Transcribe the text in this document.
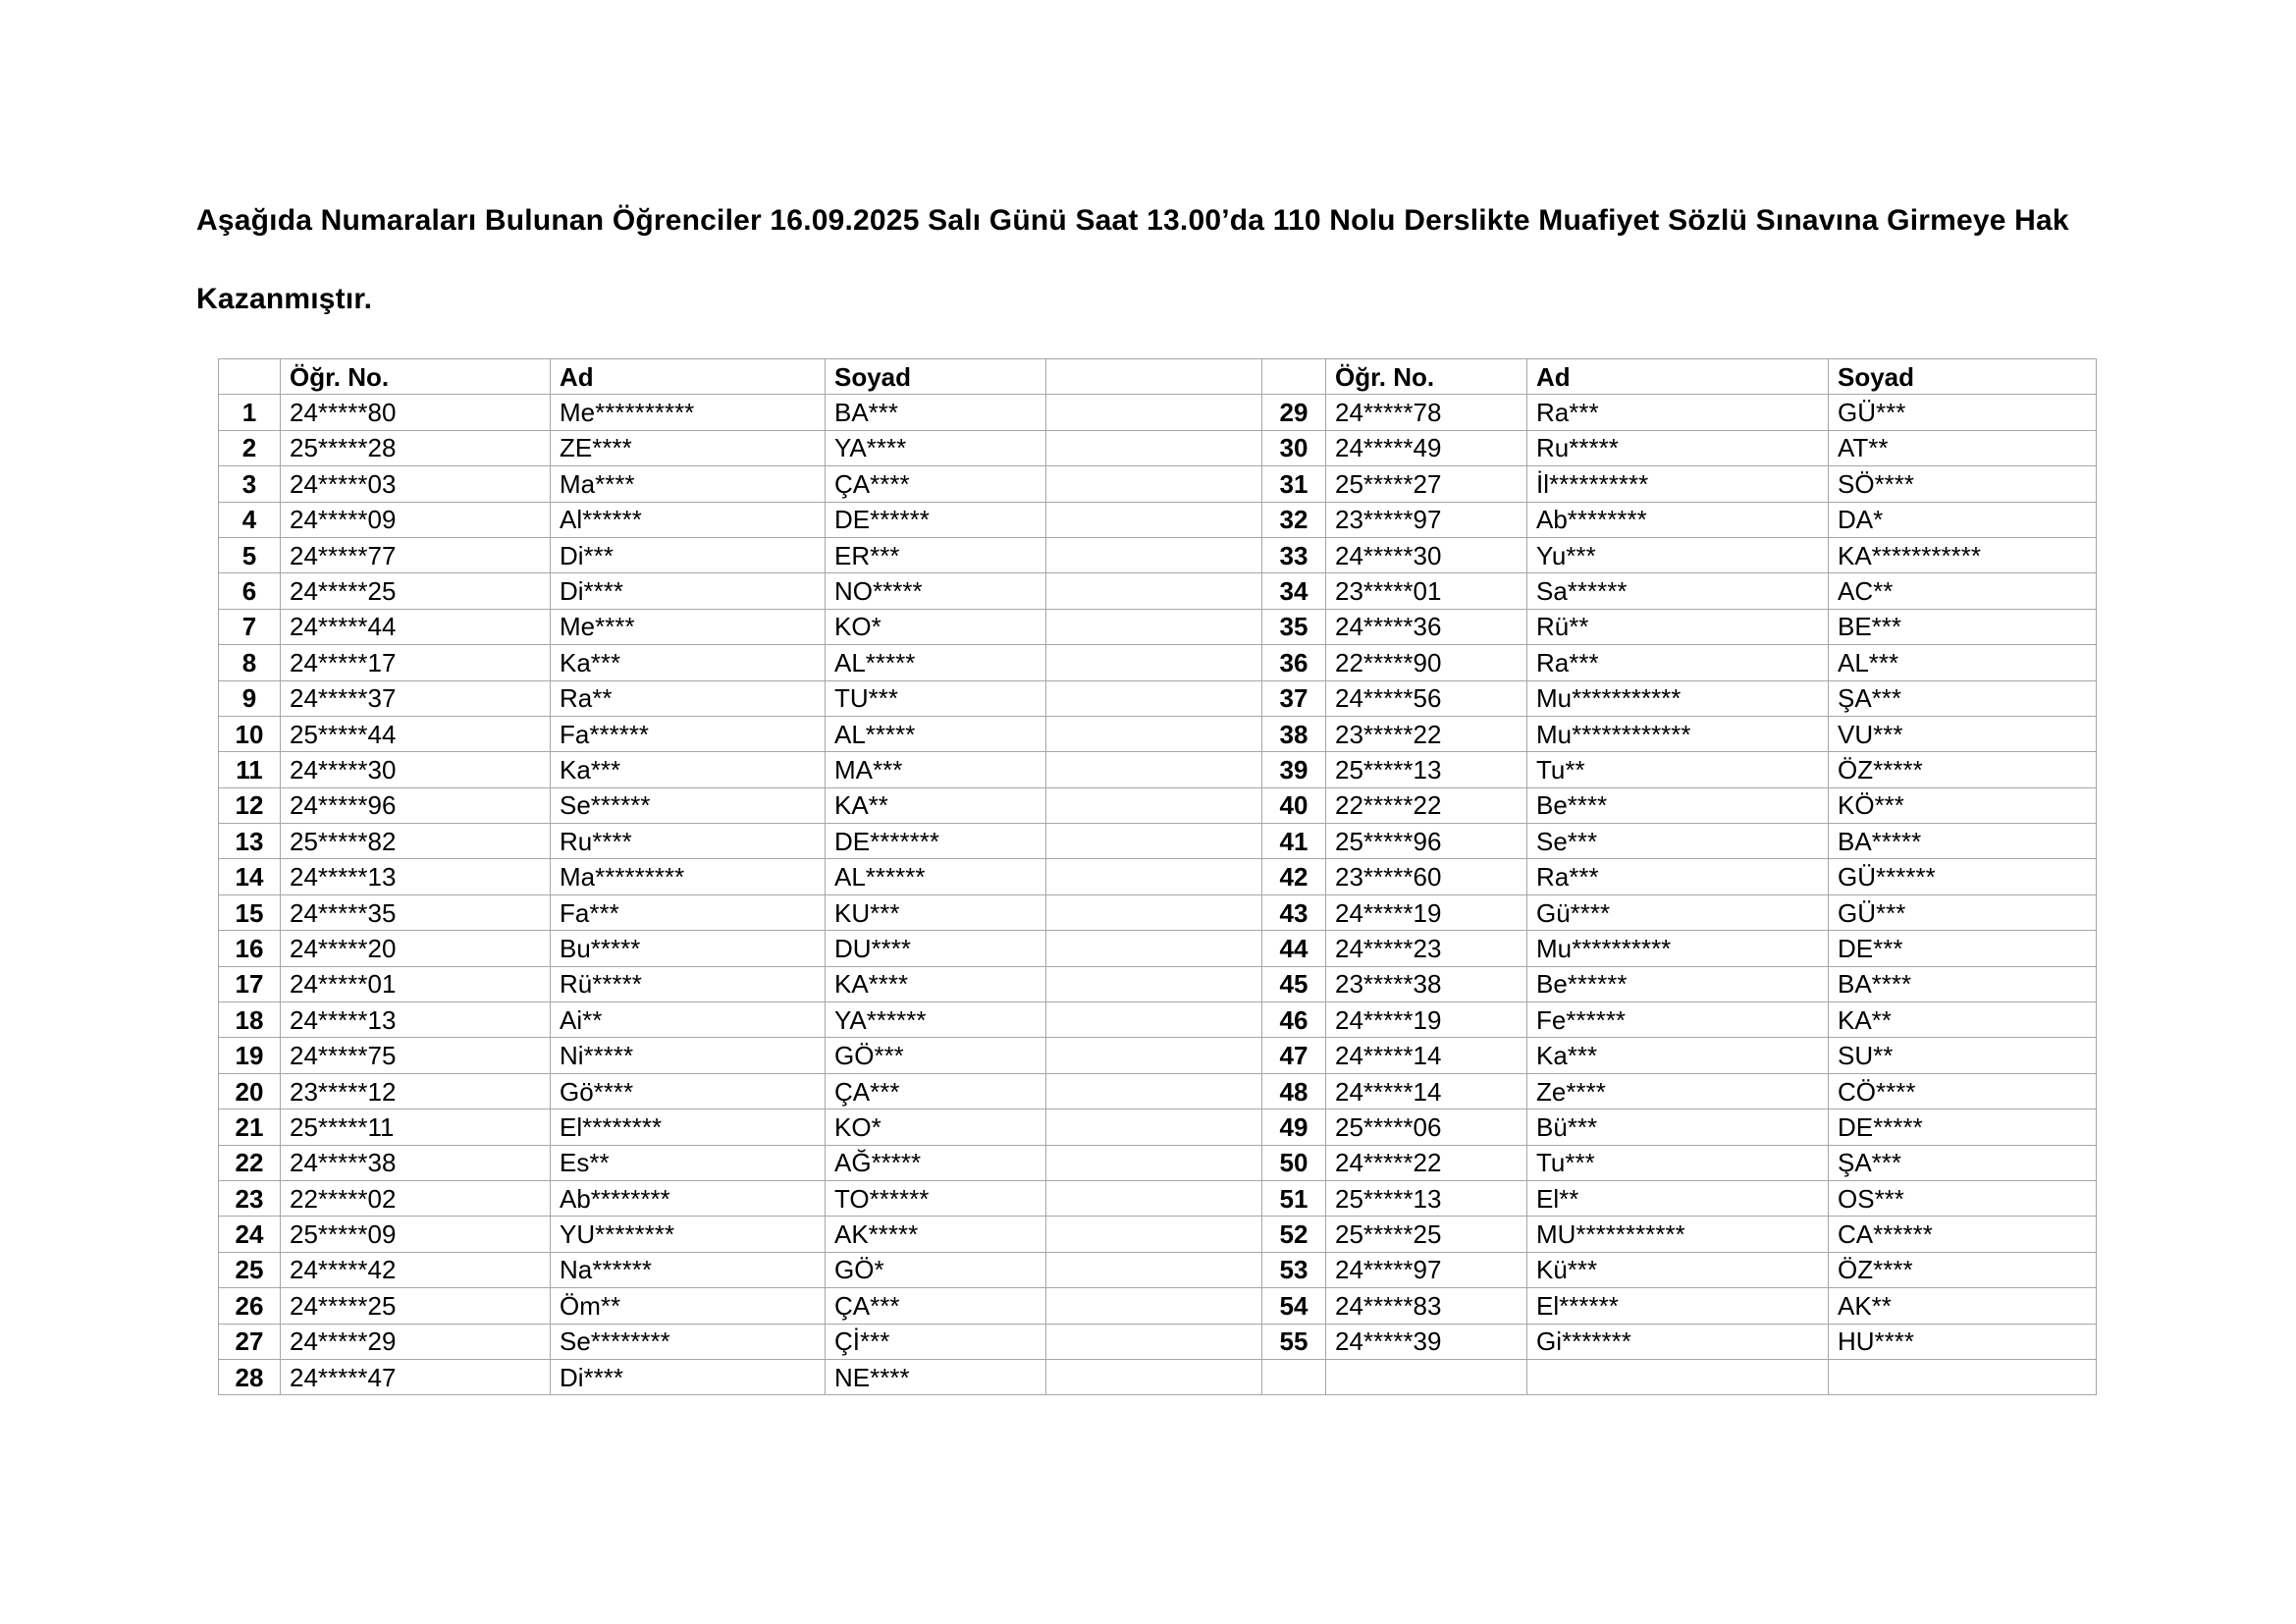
Aşağıda Numaraları Bulunan Öğrenciler 16.09.2025 Salı Günü Saat 13.00’da 110 Nolu Derslikte Muafiyet Sözlü Sınavına Girmeye Hak Kazanmıştır.
	Öğr. No.	Ad	Soyad			Öğr. No.	Ad	Soyad
1	24*****80	Me**********	BA***		29	24*****78	Ra***	GÜ***
2	25*****28	ZE****	YA****		30	24*****49	Ru*****	AT**
3	24*****03	Ma****	ÇA****		31	25*****27	İl**********	SÖ****
4	24*****09	Al******	DE******		32	23*****97	Ab********	DA*
5	24*****77	Di***	ER***		33	24*****30	Yu***	KA***********
6	24*****25	Di****	NO*****		34	23*****01	Sa******	AC**
7	24*****44	Me****	KO*		35	24*****36	Rü**	BE***
8	24*****17	Ka***	AL*****		36	22*****90	Ra***	AL***
9	24*****37	Ra**	TU***		37	24*****56	Mu***********	ŞA***
10	25*****44	Fa******	AL*****		38	23*****22	Mu************	VU***
11	24*****30	Ka***	MA***		39	25*****13	Tu**	ÖZ*****
12	24*****96	Se******	KA**		40	22*****22	Be****	KÖ***
13	25*****82	Ru****	DE*******		41	25*****96	Se***	BA*****
14	24*****13	Ma*********	AL******		42	23*****60	Ra***	GÜ******
15	24*****35	Fa***	KU***		43	24*****19	Gü****	GÜ***
16	24*****20	Bu*****	DU****		44	24*****23	Mu**********	DE***
17	24*****01	Rü*****	KA****		45	23*****38	Be******	BA****
18	24*****13	Ai**	YA******		46	24*****19	Fe******	KA**
19	24*****75	Ni*****	GÖ***		47	24*****14	Ka***	SU**
20	23*****12	Gö****	ÇA***		48	24*****14	Ze****	CÖ****
21	25*****11	El********	KO*		49	25*****06	Bü***	DE*****
22	24*****38	Es**	AĞ*****		50	24*****22	Tu***	ŞA***
23	22*****02	Ab********	TO******		51	25*****13	El**	OS***
24	25*****09	YU********	AK*****		52	25*****25	MU***********	CA******
25	24*****42	Na******	GÖ*		53	24*****97	Kü***	ÖZ****
26	24*****25	Öm**	ÇA***		54	24*****83	El******	AK**
27	24*****29	Se********	Çİ***		55	24*****39	Gi*******	HU****
28	24*****47	Di****	NE****					
